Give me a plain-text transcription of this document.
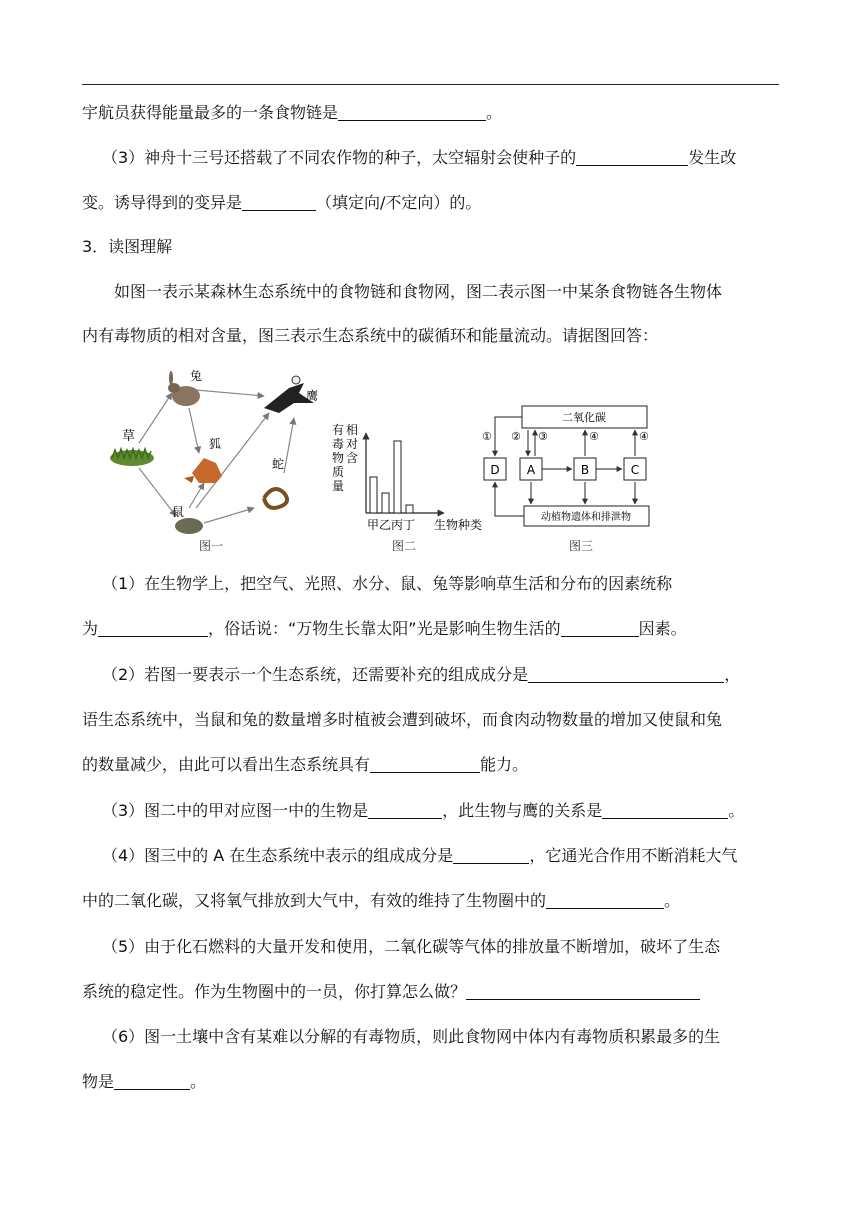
宇航员获得能量最多的一条食物链是	。
（3）神舟十三号还搭载了不同农作物的种子，太空辐射会使种子的	发生改
变。诱导得到的变异是	（填定向/不定向）的。
3．读图理解
如图一表示某森林生态系统中的食物链和食物网，图二表示图一中某条食物链各生物体
内有毒物质的相对含量，图三表示生态系统中的碳循环和能量流动。请据图回答：
草
兔
狐
鼠
蛇
鹰
图一
有毒物质量
相对含
甲 乙 丙 丁 生物种类
图二
二氧化碳
动植物遗体和排泄物
D A	B	C
① ② ③	④	④
图三
（1）在生物学上，把空气、光照、水分、鼠、兔等影响草生活和分布的因素统称
为	，俗话说：“万物生长靠太阳”光是影响生物生活的	因素。
（2）若图一要表示一个生态系统，还需要补充的组成成分是	，
语生态系统中，当鼠和兔的数量增多时植被会遭到破坏，而食肉动物数量的增加又使鼠和兔
的数量减少，由此可以看出生态系统具有	能力。
（3）图二中的甲对应图一中的生物是	，此生物与鹰的关系是	。
（4）图三中的 A 在生态系统中表示的组成成分是	，它通光合作用不断消耗大气
中的二氧化碳，又将氧气排放到大气中，有效的维持了生物圈中的	。
（5）由于化石燃料的大量开发和使用，二氧化碳等气体的排放量不断增加，破坏了生态
系统的稳定性。作为生物圈中的一员，你打算怎么做？
（6）图一土壤中含有某难以分解的有毒物质，则此食物网中体内有毒物质积累最多的生
物是	。
